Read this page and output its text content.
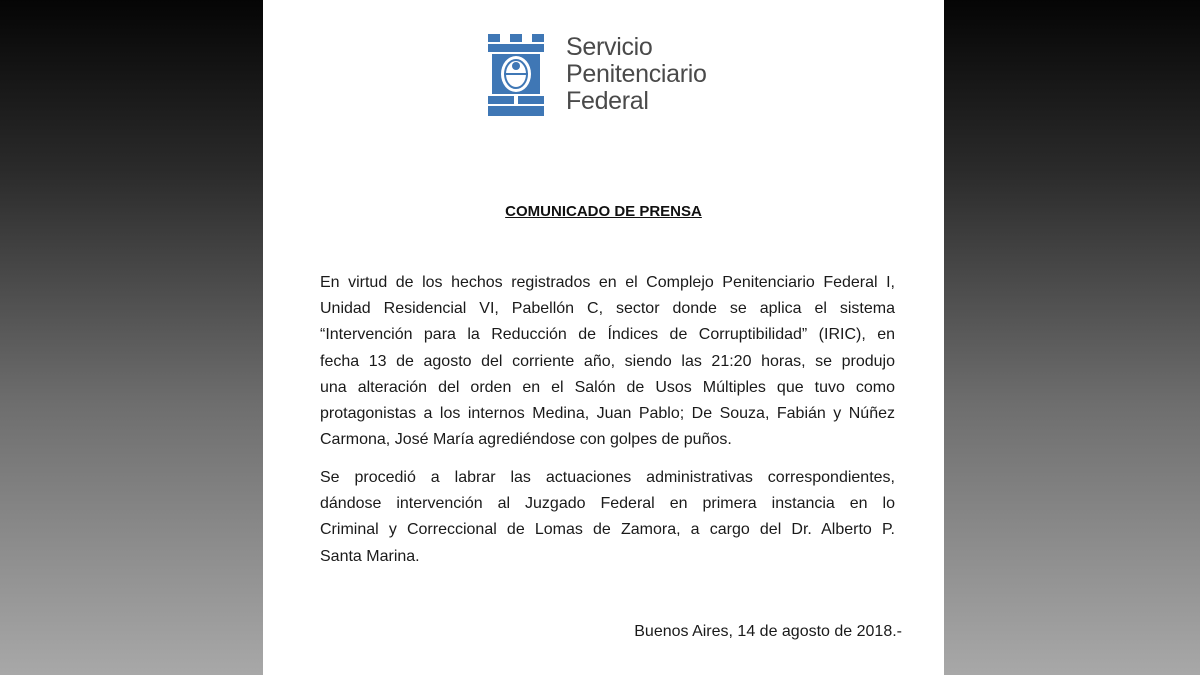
Servicio
Penitenciario
Federal
COMUNICADO DE PRENSA
En virtud de los hechos registrados en el Complejo Penitenciario Federal I,
Unidad Residencial VI, Pabellón C, sector donde se aplica el sistema
“Intervención para la Reducción de Índices de Corruptibilidad” (IRIC), en
fecha 13 de agosto del corriente año, siendo las 21:20 horas, se produjo
una alteración del orden en el Salón de Usos Múltiples que tuvo como
protagonistas a los internos Medina, Juan Pablo; De Souza, Fabián y Núñez
Carmona, José María agrediéndose con golpes de puños.
Se procedió a labrar las actuaciones administrativas correspondientes,
dándose intervención al Juzgado Federal en primera instancia en lo
Criminal y Correccional de Lomas de Zamora, a cargo del Dr. Alberto P.
Santa Marina.
Buenos Aires, 14 de agosto de 2018.-
